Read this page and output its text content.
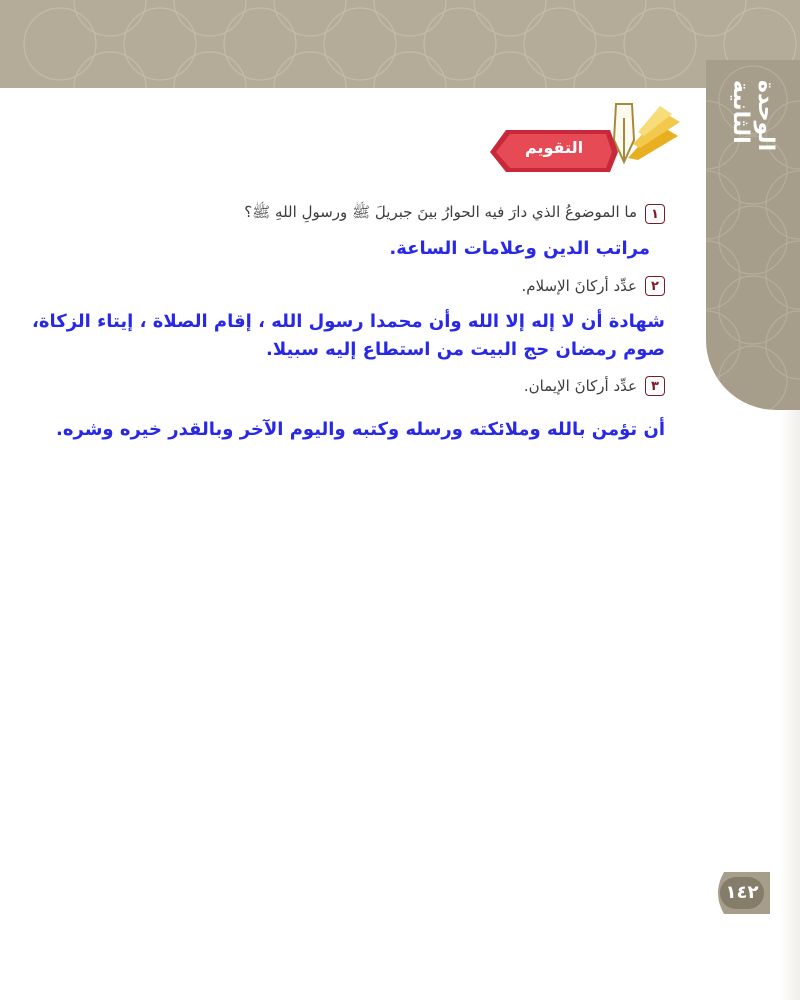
الوحدة الثانية
التقويم
١
ما الموضوعُ الذي دارَ فيه الحوارُ بينَ جبريلَ ﷺ ورسولِ اللهِ ﷺ؟
مراتب الدين وعلامات الساعة.
٢
عدِّد أركانَ الإسلام.
شهادة أن لا إله إلا الله وأن محمدا رسول الله ، إقام الصلاة ، إيتاء الزكاة، صوم رمضان حج البيت من استطاع إليه سبيلا.
٣
عدِّد أركانَ الإيمان.
أن تؤمن بالله وملائكته ورسله وكتبه واليوم الآخر وبالقدر خيره وشره.
١٤٢
